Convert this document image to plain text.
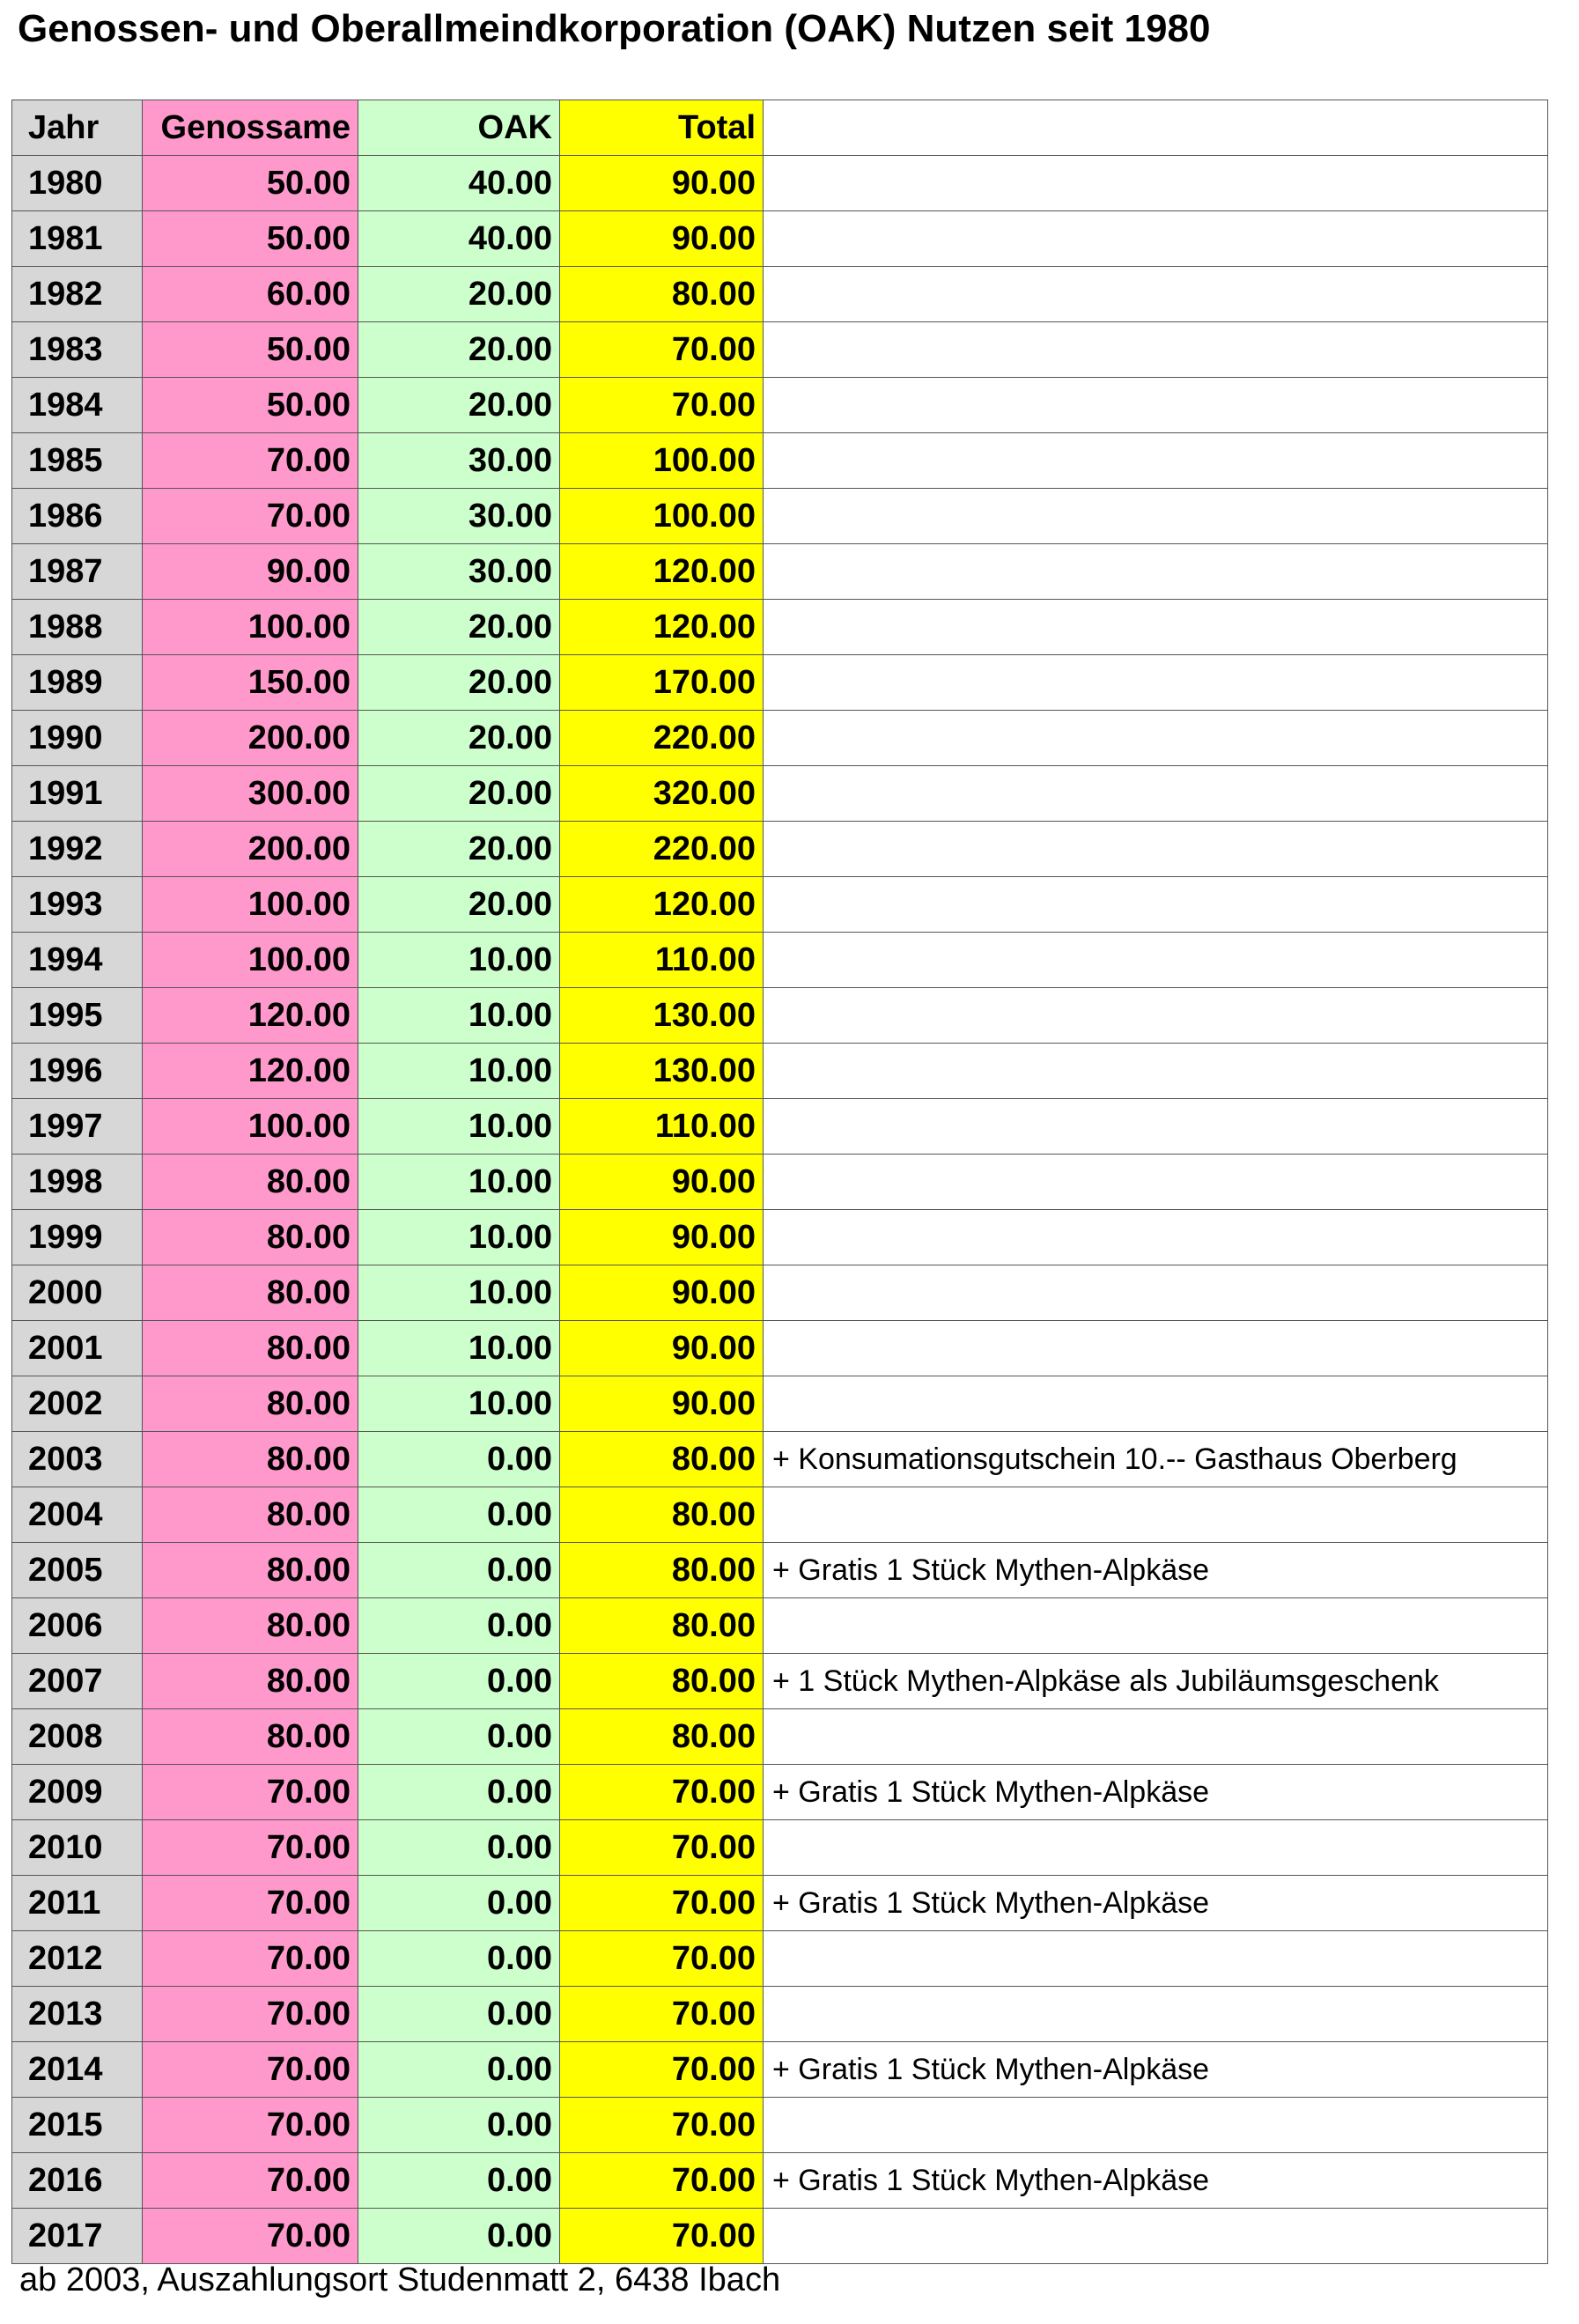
Genossen- und Oberallmeindkorporation (OAK) Nutzen seit 1980
Jahr	Genossame	OAK	Total	
1980	50.00	40.00	90.00	
1981	50.00	40.00	90.00	
1982	60.00	20.00	80.00	
1983	50.00	20.00	70.00	
1984	50.00	20.00	70.00	
1985	70.00	30.00	100.00	
1986	70.00	30.00	100.00	
1987	90.00	30.00	120.00	
1988	100.00	20.00	120.00	
1989	150.00	20.00	170.00	
1990	200.00	20.00	220.00	
1991	300.00	20.00	320.00	
1992	200.00	20.00	220.00	
1993	100.00	20.00	120.00	
1994	100.00	10.00	110.00	
1995	120.00	10.00	130.00	
1996	120.00	10.00	130.00	
1997	100.00	10.00	110.00	
1998	80.00	10.00	90.00	
1999	80.00	10.00	90.00	
2000	80.00	10.00	90.00	
2001	80.00	10.00	90.00	
2002	80.00	10.00	90.00	
2003	80.00	0.00	80.00	+ Konsumationsgutschein 10.-- Gasthaus Oberberg
2004	80.00	0.00	80.00	
2005	80.00	0.00	80.00	+ Gratis 1 Stück Mythen-Alpkäse
2006	80.00	0.00	80.00	
2007	80.00	0.00	80.00	+ 1 Stück Mythen-Alpkäse als Jubiläumsgeschenk
2008	80.00	0.00	80.00	
2009	70.00	0.00	70.00	+ Gratis 1 Stück Mythen-Alpkäse
2010	70.00	0.00	70.00	
2011	70.00	0.00	70.00	+ Gratis 1 Stück Mythen-Alpkäse
2012	70.00	0.00	70.00	
2013	70.00	0.00	70.00	
2014	70.00	0.00	70.00	+ Gratis 1 Stück Mythen-Alpkäse
2015	70.00	0.00	70.00	
2016	70.00	0.00	70.00	+ Gratis 1 Stück Mythen-Alpkäse
2017	70.00	0.00	70.00	
ab 2003, Auszahlungsort Studenmatt 2, 6438 Ibach
